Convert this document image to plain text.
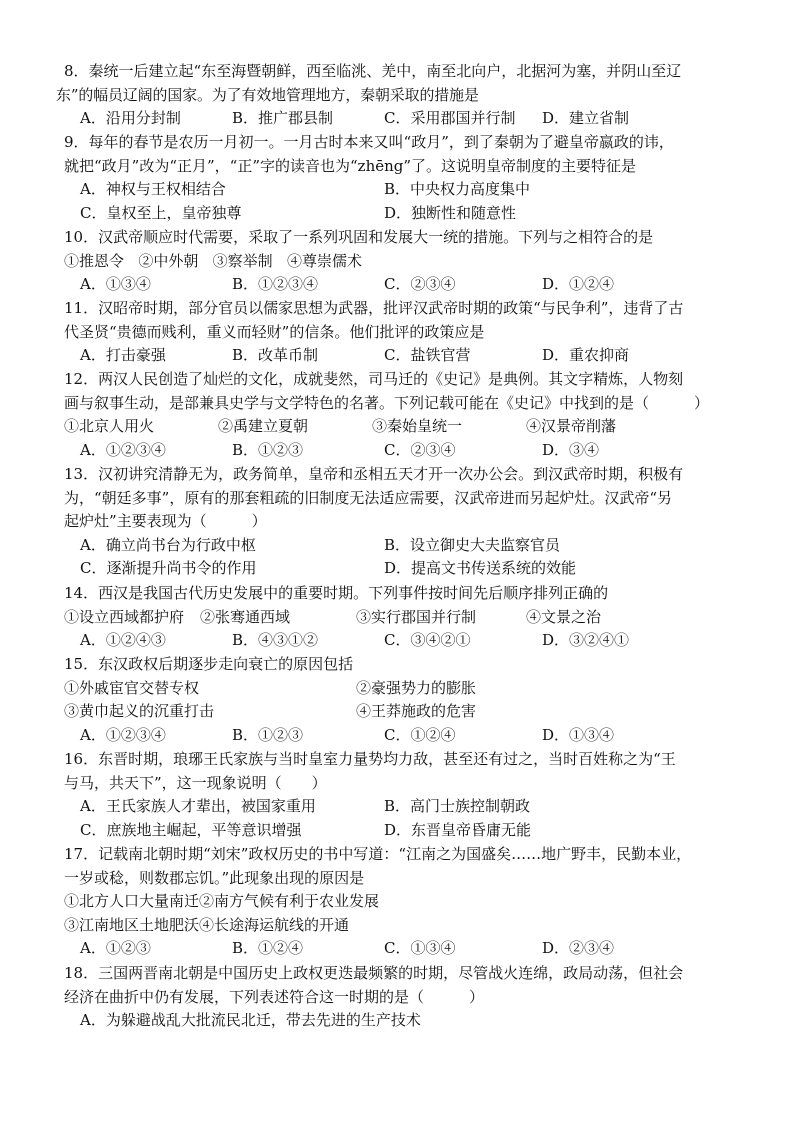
8．秦统一后建立起“东至海暨朝鲜，西至临洮、羌中，南至北向户，北据河为塞，并阴山至辽
东”的幅员辽阔的国家。为了有效地管理地方，秦朝采取的措施是
A．沿用分封制	B．推广郡县制	C．采用郡国并行制 D．建立省制
9．每年的春节是农历一月初一。一月古时本来又叫“政月”，到了秦朝为了避皇帝嬴政的讳，
就把“政月”改为“正月”，“正”字的读音也为“zhēng”了。这说明皇帝制度的主要特征是
A．神权与王权相结合	B．中央权力高度集中
C．皇权至上，皇帝独尊	D．独断性和随意性
10．汉武帝顺应时代需要，采取了一系列巩固和发展大一统的措施。下列与之相符合的是
①推恩令 ②中外朝 ③察举制 ④尊崇儒术
A．①③④	B．①②③④	C．②③④	D．①②④
11．汉昭帝时期，部分官员以儒家思想为武器，批评汉武帝时期的政策“与民争利”，违背了古
代圣贤“贵德而贱利，重义而轻财”的信条。他们批评的政策应是
A．打击豪强	B．改革币制	C．盐铁官营	D．重农抑商
12．两汉人民创造了灿烂的文化，成就斐然，司马迁的《史记》是典例。其文字精炼，人物刻
画与叙事生动，是部兼具史学与文学特色的名著。下列记载可能在《史记》中找到的是（　　　）
①北京人用火	②禹建立夏朝	③秦始皇统一	④汉景帝削藩
A．①②③④	B．①②③	C．②③④	D．③④
13．汉初讲究清静无为，政务简单，皇帝和丞相五天才开一次办公会。到汉武帝时期，积极有
为，“朝廷多事”，原有的那套粗疏的旧制度无法适应需要，汉武帝进而另起炉灶。汉武帝“另
起炉灶”主要表现为（　　　）
A．确立尚书台为行政中枢	B．设立御史大夫监察官员
C．逐渐提升尚书令的作用	D．提高文书传送系统的效能
14．西汉是我国古代历史发展中的重要时期。下列事件按时间先后顺序排列正确的
①设立西域都护府 ②张骞通西域	③实行郡国并行制	④文景之治
A．①②④③	B．④③①②	C．③④②①	D．③②④①
15．东汉政权后期逐步走向衰亡的原因包括
①外戚宦官交替专权	②豪强势力的膨胀
③黄巾起义的沉重打击	④王莽施政的危害
A．①②③④	B．①②③	C．①②④	D．①③④
16．东晋时期，琅琊王氏家族与当时皇室力量势均力敌，甚至还有过之，当时百姓称之为“王
与马，共天下”，这一现象说明（　　）
A．王氏家族人才辈出，被国家重用	B．高门士族控制朝政
C．庶族地主崛起，平等意识增强	D．东晋皇帝昏庸无能
17．记载南北朝时期“刘宋”政权历史的书中写道：“江南之为国盛矣……地广野丰，民勤本业，
一岁或稔，则数郡忘饥。”此现象出现的原因是
①北方人口大量南迁②南方气候有利于农业发展
③江南地区土地肥沃④长途海运航线的开通
A．①②③	B．①②④	C．①③④	D．②③④
18．三国两晋南北朝是中国历史上政权更迭最频繁的时期，尽管战火连绵，政局动荡，但社会
经济在曲折中仍有发展，下列表述符合这一时期的是（　　　）
A．为躲避战乱大批流民北迁，带去先进的生产技术
